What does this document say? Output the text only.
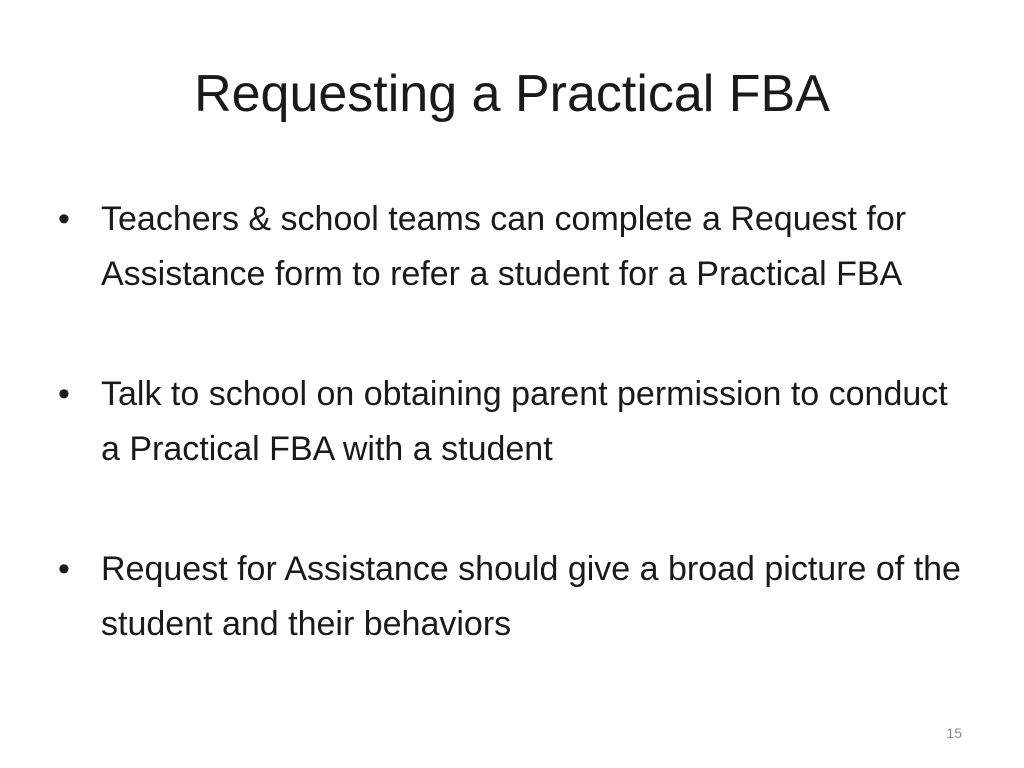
Requesting a Practical FBA
• Teachers & school teams can complete a Request for Assistance form to refer a student for a Practical FBA
• Talk to school on obtaining parent permission to conduct a Practical FBA with a student
• Request for Assistance should give a broad picture of the student and their behaviors
15
